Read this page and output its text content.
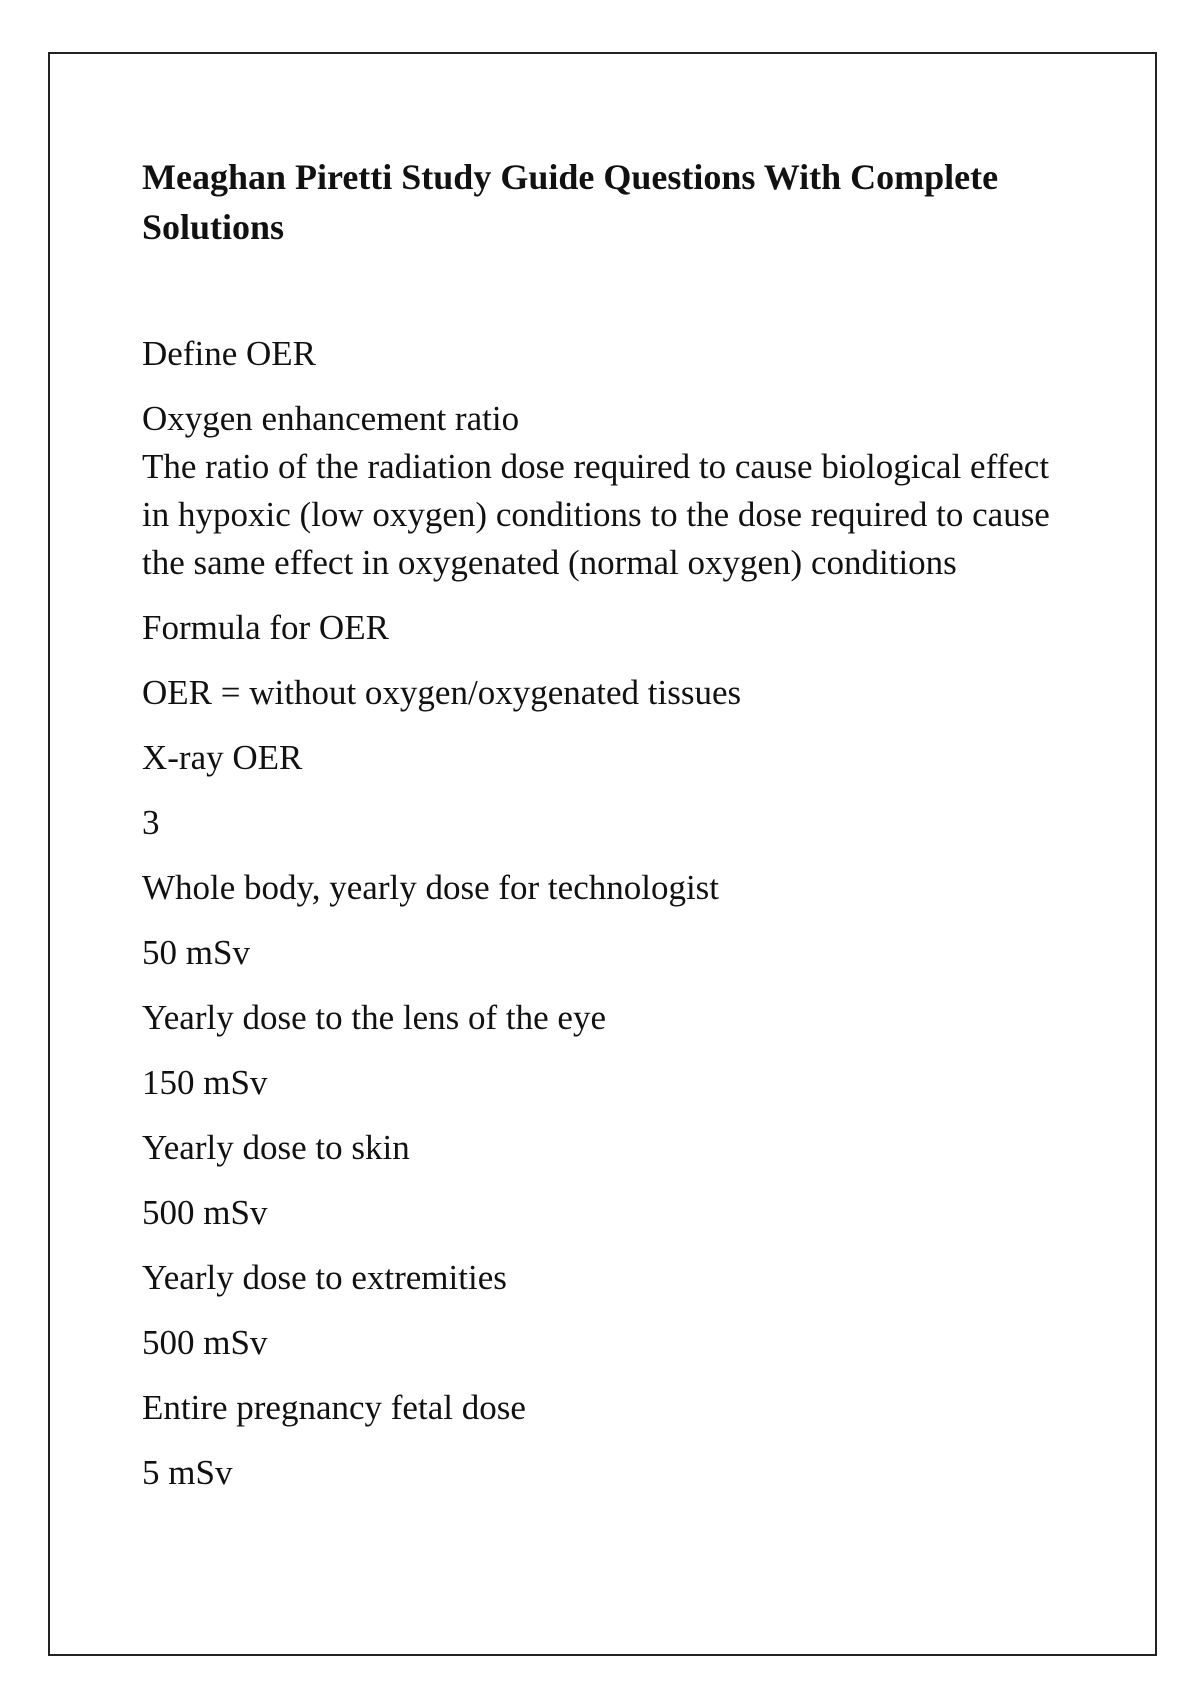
Meaghan Piretti Study Guide Questions With Complete Solutions

Define OER

Oxygen enhancement ratio
The ratio of the radiation dose required to cause biological effect in hypoxic (low oxygen) conditions to the dose required to cause the same effect in oxygenated (normal oxygen) conditions

Formula for OER

OER = without oxygen/oxygenated tissues

X-ray OER

3

Whole body, yearly dose for technologist

50 mSv

Yearly dose to the lens of the eye

150 mSv

Yearly dose to skin

500 mSv

Yearly dose to extremities

500 mSv

Entire pregnancy fetal dose

5 mSv
